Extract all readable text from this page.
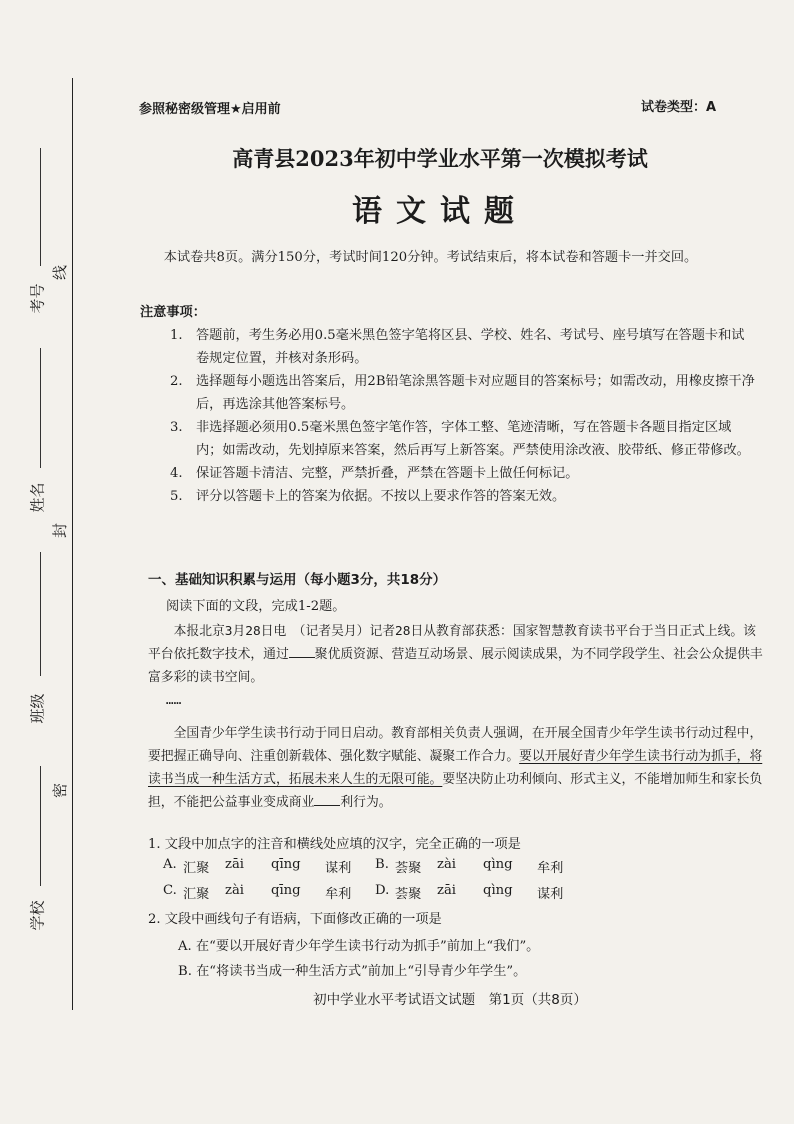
考号
线
姓名
封
班级
密
学校
参照秘密级管理★启用前	试卷类型：A
高青县2023年初中学业水平第一次模拟考试
语文试题
本试卷共8页。满分150分，考试时间120分钟。考试结束后，将本试卷和答题卡一并交回。
注意事项：
1. 答题前，考生务必用0.5毫米黑色签字笔将区县、学校、姓名、考试号、座号填写在答题卡和试卷规定位置，并核对条形码。
2. 选择题每小题选出答案后，用2B铅笔涂黑答题卡对应题目的答案标号；如需改动，用橡皮擦干净后，再选涂其他答案标号。
3. 非选择题必须用0.5毫米黑色签字笔作答，字体工整、笔迹清晰，写在答题卡各题目指定区域内；如需改动，先划掉原来答案，然后再写上新答案。严禁使用涂改液、胶带纸、修正带修改。
4. 保证答题卡清洁、完整，严禁折叠，严禁在答题卡上做任何标记。
5. 评分以答题卡上的答案为依据。不按以上要求作答的答案无效。
一、基础知识积累与运用（每小题3分，共18分）
阅读下面的文段，完成1-2题。

本报北京3月28日电　（记者吴月）记者28日从教育部获悉：国家智慧教育读书平台于当日正式上线。该平台依托数字技术，通过 聚优质资源、营造互动场景、展示阅读成果，为不同学段学生、社会公众提供丰富多彩的读书空间。

……

全国青少年学生读书行动于同日启动。教育部相关负责人强调，在开展全国青少年学生读书行动过程中，要把握正确导向、注重创新载体、强化数字赋能、凝聚工作合力。要以开展好青少年学生读书行动为抓手，将读书当成一种生活方式，拓展未来人生的无限可能。要坚决防止功利倾向、形式主义，不能增加师生和家长负担，不能把公益事业变成商业 利行为。

1. 文段中加点字的注音和横线处应填的汉字，完全正确的一项是
A. 汇聚	zāi	qīng	谋利	B. 荟聚	zài	qìng	牟利
C. 汇聚	zài	qīng	牟利	D. 荟聚	zāi	qìng	谋利
2. 文段中画线句子有语病，下面修改正确的一项是
A. 在“要以开展好青少年学生读书行动为抓手”前加上“我们”。
B. 在“将读书当成一种生活方式”前加上“引导青少年学生”。
初中学业水平考试语文试题　第1页（共8页）
